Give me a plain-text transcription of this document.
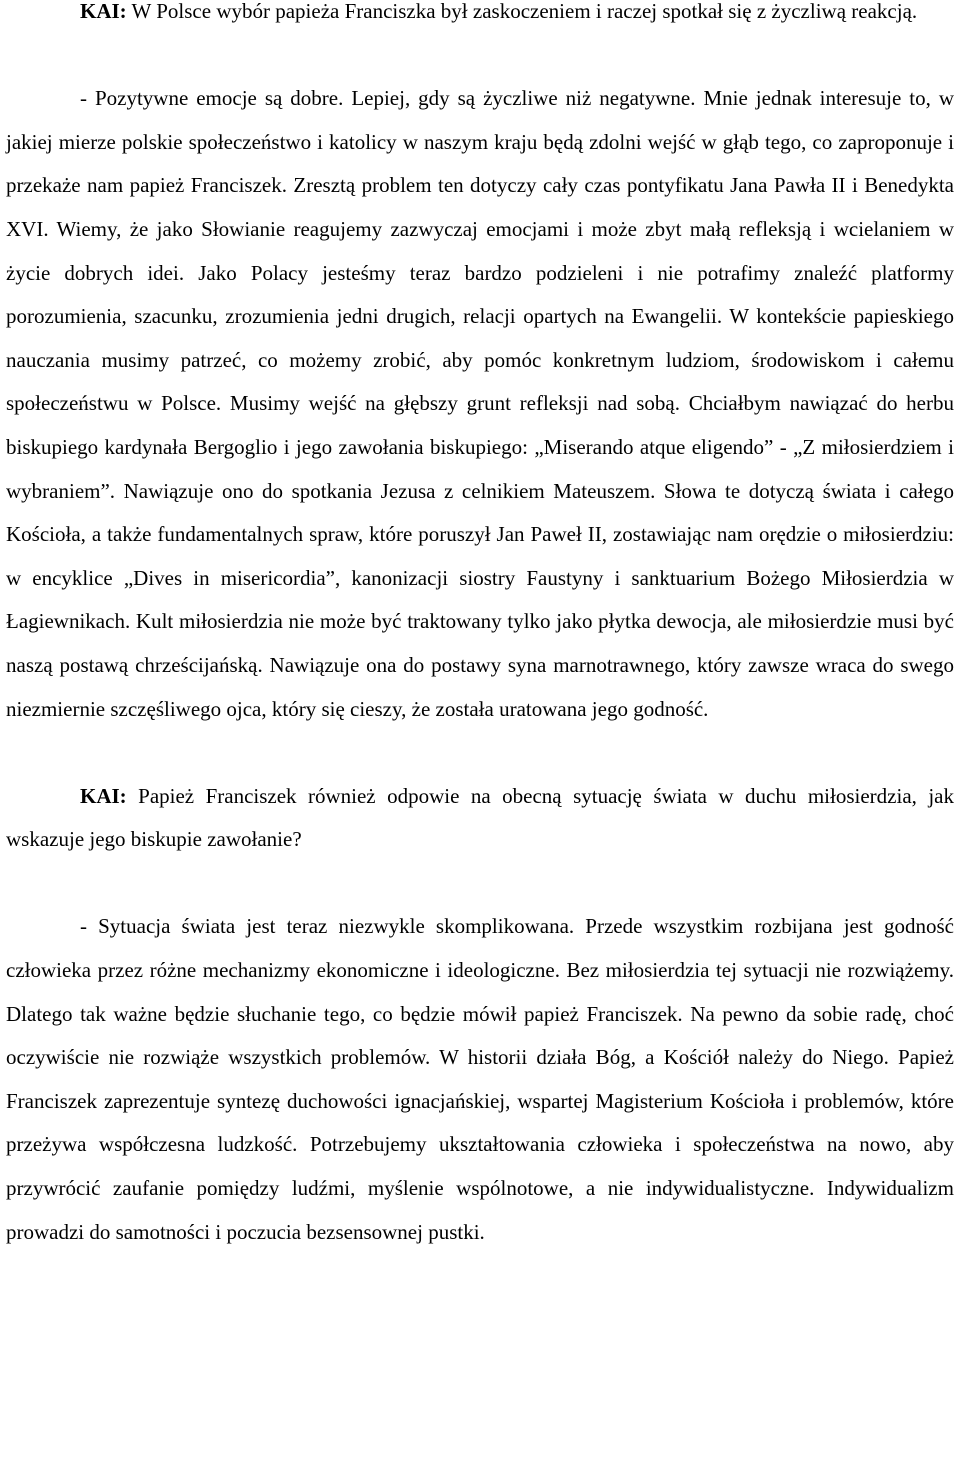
KAI: W Polsce wybór papieża Franciszka był zaskoczeniem i raczej spotkał się z życzliwą reakcją.

- Pozytywne emocje są dobre. Lepiej, gdy są życzliwe niż negatywne. Mnie jednak interesuje to, w jakiej mierze polskie społeczeństwo i katolicy w naszym kraju będą zdolni wejść w głąb tego, co zaproponuje i przekaże nam papież Franciszek. Zresztą problem ten dotyczy cały czas pontyfikatu Jana Pawła II i Benedykta XVI. Wiemy, że jako Słowianie reagujemy zazwyczaj emocjami i może zbyt małą refleksją i wcielaniem w życie dobrych idei. Jako Polacy jesteśmy teraz bardzo podzieleni i nie potrafimy znaleźć platformy porozumienia, szacunku, zrozumienia jedni drugich, relacji opartych na Ewangelii. W kontekście papieskiego nauczania musimy patrzeć, co możemy zrobić, aby pomóc konkretnym ludziom, środowiskom i całemu społeczeństwu w Polsce. Musimy wejść na głębszy grunt refleksji nad sobą. Chciałbym nawiązać do herbu biskupiego kardynała Bergoglio i jego zawołania biskupiego: „Miserando atque eligendo” - „Z miłosierdziem i wybraniem”. Nawiązuje ono do spotkania Jezusa z celnikiem Mateuszem. Słowa te dotyczą świata i całego Kościoła, a także fundamentalnych spraw, które poruszył Jan Paweł II, zostawiając nam orędzie o miłosierdziu: w encyklice „Dives in misericordia”, kanonizacji siostry Faustyny i sanktuarium Bożego Miłosierdzia w Łagiewnikach. Kult miłosierdzia nie może być traktowany tylko jako płytka dewocja, ale miłosierdzie musi być naszą postawą chrześcijańską. Nawiązuje ona do postawy syna marnotrawnego, który zawsze wraca do swego niezmiernie szczęśliwego ojca, który się cieszy, że została uratowana jego godność.

KAI: Papież Franciszek również odpowie na obecną sytuację świata w duchu miłosierdzia, jak wskazuje jego biskupie zawołanie?

- Sytuacja świata jest teraz niezwykle skomplikowana. Przede wszystkim rozbijana jest godność człowieka przez różne mechanizmy ekonomiczne i ideologiczne. Bez miłosierdzia tej sytuacji nie rozwiążemy. Dlatego tak ważne będzie słuchanie tego, co będzie mówił papież Franciszek. Na pewno da sobie radę, choć oczywiście nie rozwiąże wszystkich problemów. W historii działa Bóg, a Kościół należy do Niego. Papież Franciszek zaprezentuje syntezę duchowości ignacjańskiej, wspartej Magisterium Kościoła i problemów, które przeżywa współczesna ludzkość. Potrzebujemy ukształtowania człowieka i społeczeństwa na nowo, aby przywrócić zaufanie pomiędzy ludźmi, myślenie wspólnotowe, a nie indywidualistyczne. Indywidualizm prowadzi do samotności i poczucia bezsensownej pustki.
